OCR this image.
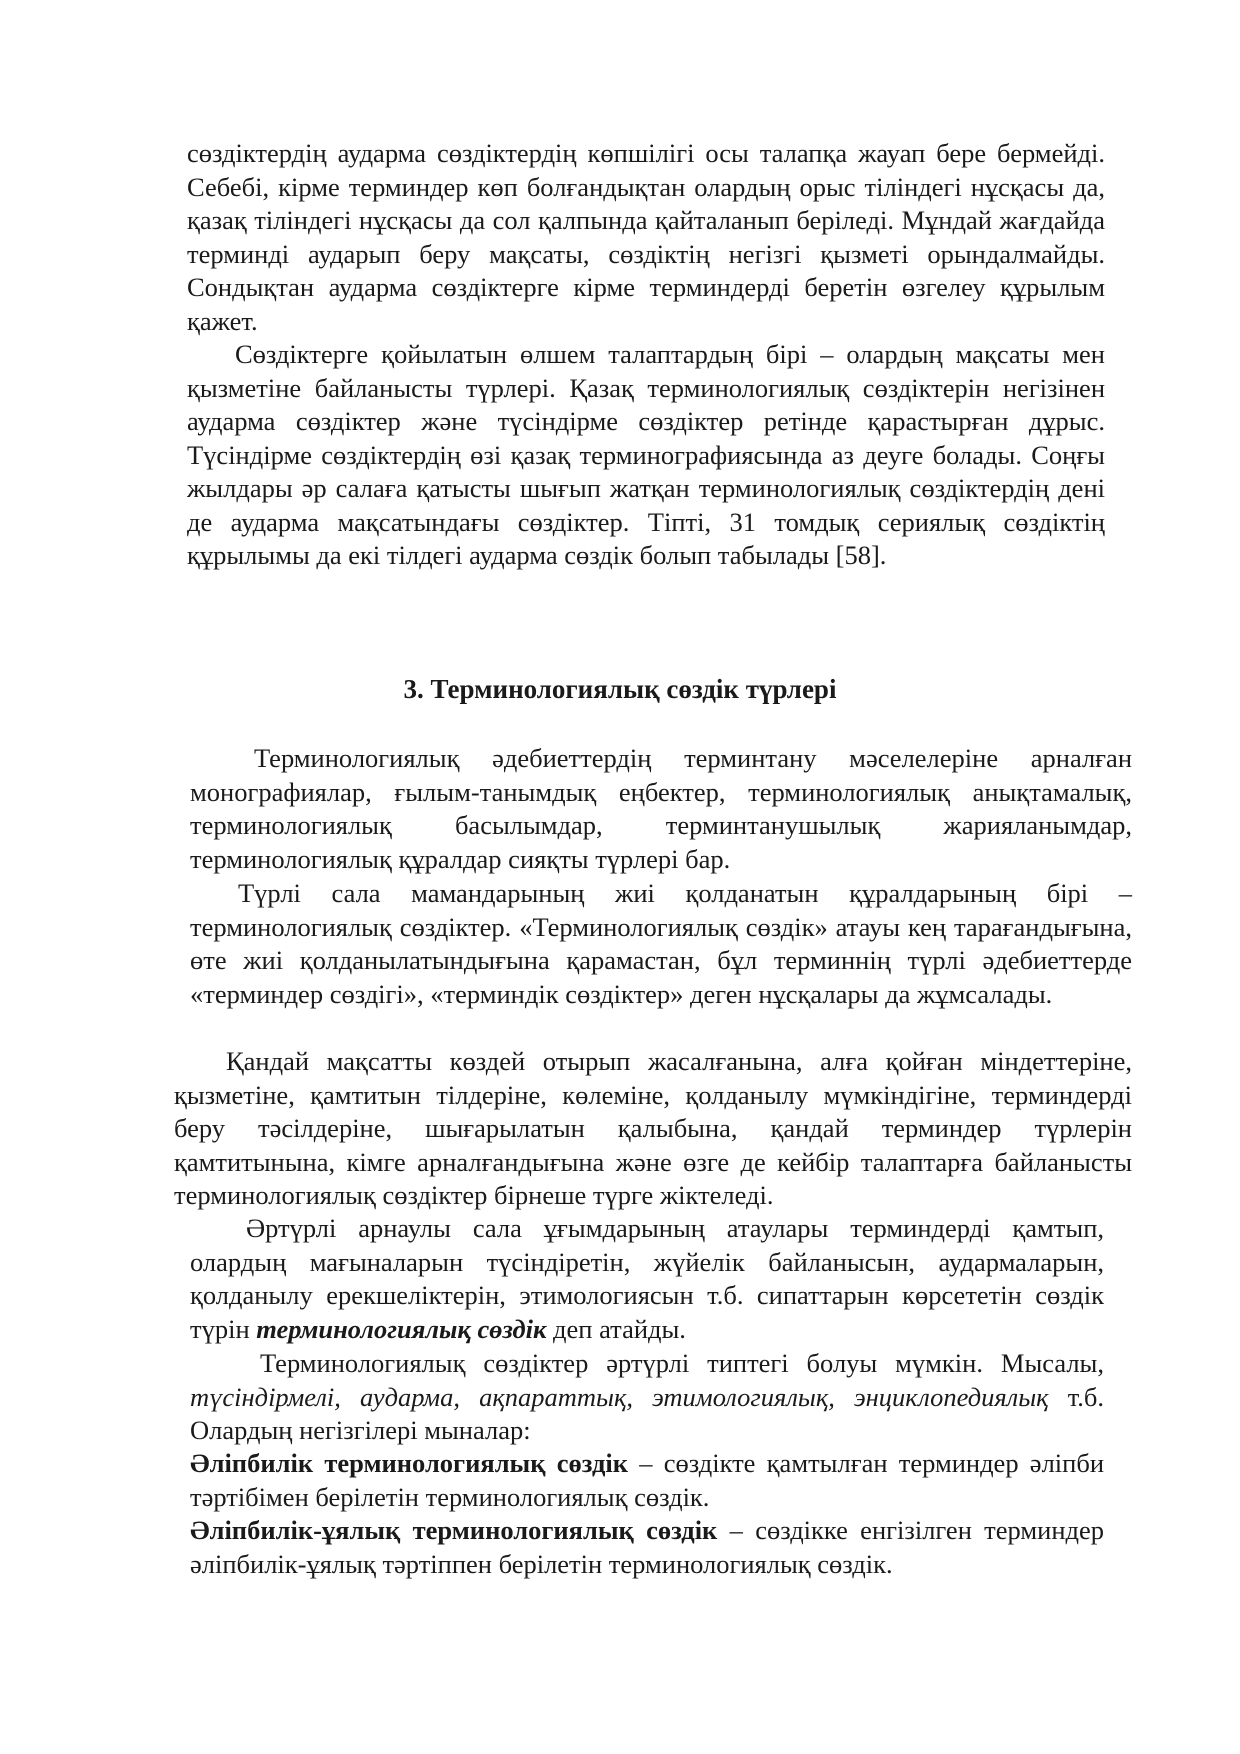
сөздіктердің аударма сөздіктердің көпшілігі осы талапқа жауап бере бермейді. Себебі, кірме терминдер көп болғандықтан олардың орыс тіліндегі нұсқасы да, қазақ тіліндегі нұсқасы да сол қалпында қайталанып беріледі. Мұндай жағдайда терминді аударып беру мақсаты, сөздіктің негізгі қызметі орындалмайды. Сондықтан аударма сөздіктерге кірме терминдерді беретін өзгелеу құрылым қажет.

Сөздіктерге қойылатын өлшем талаптардың бірі – олардың мақсаты мен қызметіне байланысты түрлері. Қазақ терминологиялық сөздіктерін негізінен аударма сөздіктер және түсіндірме сөздіктер ретінде қарастырған дұрыс. Түсіндірме сөздіктердің өзі қазақ терминографиясында аз деуге болады. Соңғы жылдары әр салаға қатысты шығып жатқан терминологиялық сөздіктердің дені де аударма мақсатындағы сөздіктер. Тіпті, 31 томдық сериялық сөздіктің құрылымы да екі тілдегі аударма сөздік болып табылады [58].

3. Терминологиялық сөздік түрлері

Терминологиялық әдебиеттердің терминтану мәселелеріне арналған монографиялар, ғылым-танымдық еңбектер, терминологиялық анықтамалық, терминологиялық басылымдар, терминтанушылық жарияланымдар, терминологиялық құралдар сияқты түрлері бар.

Түрлі сала мамандарының жиі қолданатын құралдарының бірі – терминологиялық сөздіктер. «Терминологиялық сөздік» атауы кең тарағандығына, өте жиі қолданылатындығына қарамастан, бұл терминнің түрлі әдебиеттерде «терминдер сөздігі», «терминдік сөздіктер» деген нұсқалары да жұмсалады.

Қандай мақсатты көздей отырып жасалғанына, алға қойған міндеттеріне, қызметіне, қамтитын тілдеріне, көлеміне, қолданылу мүмкіндігіне, терминдерді беру тәсілдеріне, шығарылатын қалыбына, қандай терминдер түрлерін қамтитынына, кімге арналғандығына және өзге де кейбір талаптарға байланысты терминологиялық сөздіктер бірнеше түрге жіктеледі.

Әртүрлі арнаулы сала ұғымдарының атаулары терминдерді қамтып, олардың мағыналарын түсіндіретін, жүйелік байланысын, аудармаларын, қолданылу ерекшеліктерін, этимологиясын т.б. сипаттарын көрсететін сөздік түрін терминологиялық сөздік деп атайды.

Терминологиялық сөздіктер әртүрлі типтегі болуы мүмкін. Мысалы, түсіндірмелі, аудармa, ақпараттық, этимологиялық, энциклопедиялық т.б. Олардың негізгілері мыналар:

Әліпбилік терминологиялық сөздік – сөздікте қамтылған терминдер әліпби тәртібімен берілетін терминологиялық сөздік.

Әліпбилік-ұялық терминологиялық сөздік – сөздікке енгізілген терминдер әліпбилік-ұялық тәртіппен берілетін терминологиялық сөздік.
